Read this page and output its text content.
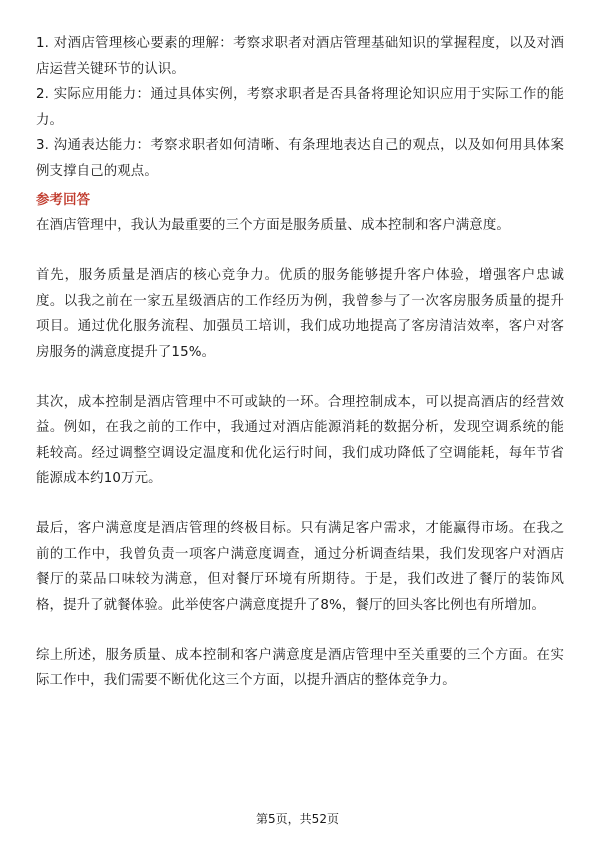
1. 对酒店管理核心要素的理解：考察求职者对酒店管理基础知识的掌握程度，以及对酒店运营关键环节的认识。

2. 实际应用能力：通过具体实例，考察求职者是否具备将理论知识应用于实际工作的能力。

3. 沟通表达能力：考察求职者如何清晰、有条理地表达自己的观点，以及如何用具体案例支撑自己的观点。

参考回答

在酒店管理中，我认为最重要的三个方面是服务质量、成本控制和客户满意度。

首先，服务质量是酒店的核心竞争力。优质的服务能够提升客户体验，增强客户忠诚度。以我之前在一家五星级酒店的工作经历为例，我曾参与了一次客房服务质量的提升项目。通过优化服务流程、加强员工培训，我们成功地提高了客房清洁效率，客户对客房服务的满意度提升了15%。

其次，成本控制是酒店管理中不可或缺的一环。合理控制成本，可以提高酒店的经营效益。例如，在我之前的工作中，我通过对酒店能源消耗的数据分析，发现空调系统的能耗较高。经过调整空调设定温度和优化运行时间，我们成功降低了空调能耗，每年节省能源成本约10万元。

最后，客户满意度是酒店管理的终极目标。只有满足客户需求，才能赢得市场。在我之前的工作中，我曾负责一项客户满意度调查，通过分析调查结果，我们发现客户对酒店餐厅的菜品口味较为满意，但对餐厅环境有所期待。于是，我们改进了餐厅的装饰风格，提升了就餐体验。此举使客户满意度提升了8%，餐厅的回头客比例也有所增加。

综上所述，服务质量、成本控制和客户满意度是酒店管理中至关重要的三个方面。在实际工作中，我们需要不断优化这三个方面，以提升酒店的整体竞争力。

第5页，共52页
